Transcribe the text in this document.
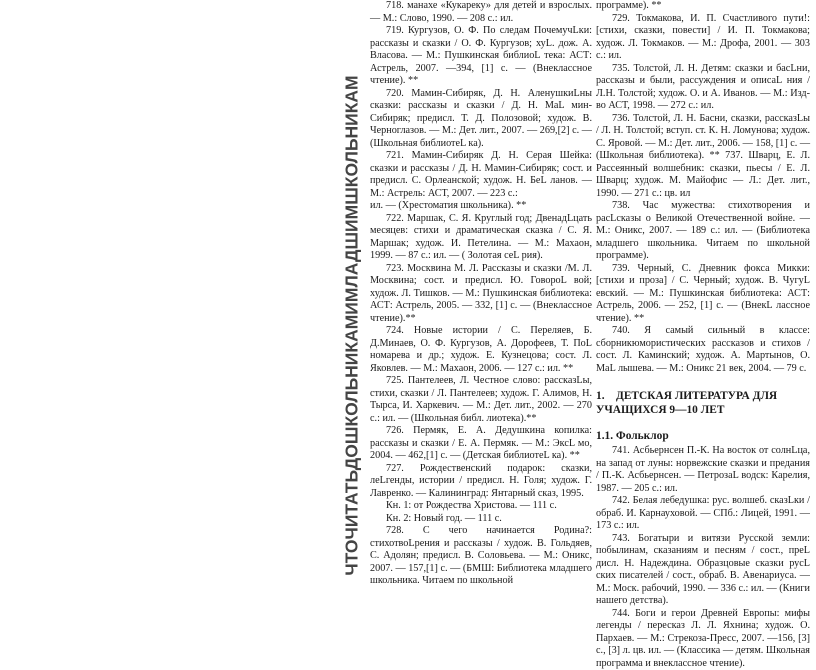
ЧТОЧИТАТЬДОШКОЛЬНИКАМИМЛАДШИМШКОЛЬНИКАМ

718. манахе «Кукареку» для детей и взрослых. — М.: Слово, 1990. — 208 с.: ил.

719. Кургузов, О. Ф. По следам ПочемучLки: рассказы и сказки / О. Ф. Кургузов; хуL. дож. А. Власова. — М.: Пушкинская библиоL тека: АСТ: Астрель, 2007. —394, [1] с. — (Внеклассное чтение). **

720. Мамин-Сибиряк, Д. Н. АленушкиLны сказки: рассказы и сказки / Д. Н. МаL мин-Сибиряк; предисл. Т. Д. Полозовой; худож. В. Черноглазов. — М.: Дет. лит., 2007. — 269,[2] с. — (Школьная библиотеL ка).

721. Мамин-Сибиряк Д. Н. Серая Шейка: сказки и рассказы / Д. Н. Мамин-Сибиряк; сост. и предисл. С. Орлеанской; худож. Н. БеL ланов. — М.: Астрель: АСТ, 2007. — 223 с.:

ил. — (Хрестоматия школьника). **

722. Маршак, С. Я. Круглый год; ДвенадLцать месяцев: стихи и драматическая сказка / С. Я. Маршак; худож. И. Петелина. — М.: Махаон, 1999. — 87 с.: ил. — ( Золотая сеL рия).

723. Москвина М. Л. Рассказы и сказки /М. Л. Москвина; сост. и предисл. Ю. ГовороL вой; худож. Л. Тишков. — М.: Пушкинская библиотека: АСТ: Астрель, 2005. — 332, [1] с. — (Внеклассное чтение).**

724. Новые истории / С. Переляев, Б. Д.Минаев, О. Ф. Кургузов, А. Дорофеев, Т. ПоL номарева и др.; худож. Е. Кузнецова; сост. Л. Яковлев. — М.: Махаон, 2006. — 127 с.: ил. **

725. Пантелеев, Л. Честное слово: рассказLы, стихи, сказки / Л. Пантелеев; худож. Г. Алимов, Н. Тырса, И. Харкевич. — М.: Дет. лит., 2002. — 270 с.: ил. — (Школьная библ. лиотека).**

726. Пермяк, Е. А. Дедушкина копилка: рассказы и сказки / Е. А. Пермяк. — М.: ЭксL мо, 2004. — 462,[1] с. — (Детская библиотеL ка). **

727. Рождественский подарок: сказки, леLгенды, истории / предисл. Н. Голя; худож. Г. Лавренко. — Калининград: Янтарный сказ, 1995.

Кн. 1: от Рождества Христова. — 111 с.

Кн. 2: Новый год. — 111 с.

728. С чего начинается Родина?: стихотвоLрения и рассказы / худож. В. Гольдяев, С. Адолян; предисл. В. Соловьева. — М.: Оникс, 2007. — 157,[1] с. — (БМШ: Библиотека младшего школьника. Читаем по школьной

программе). **

729. Токмакова, И. П. Счастливого пути!: [стихи, сказки, повести] / И. П. Токмакова; худож. Л. Токмаков. — М.: Дрофа, 2001. — 303 с.: ил.

735. Толстой, Л. Н. Детям: сказки и басLни, рассказы и были, рассуждения и описаL ния / Л.Н. Толстой; худож. О. и А. Иванов. — М.: Изд-во АСТ, 1998. — 272 с.: ил.

736. Толстой, Л. Н. Басни, сказки, рассказLы / Л. Н. Толстой; вступ. ст. К. Н. Ломунова; худож. С. Яровой. — М.: Дет. лит., 2006. — 158, [1] с. — (Школьная библиотека). ** 737. Шварц, Е. Л. Рассеянный волшебник: сказки, пьесы / Е. Л. Шварц; худож. М. Майофис — Л.: Дет. лит., 1990. — 271 с.: цв. ил

738. Час мужества: стихотворения и расLсказы о Великой Отечественной войне. — М.: Оникс, 2007. — 189 с.: ил. — (Библиотека младшего школьника. Читаем по школьной программе).

739. Черный, С. Дневник фокса Микки: [стихи и проза] / С. Черный; худож. В. ЧугуL евский. — М.: Пушкинская библиотека: АСТ: Астрель, 2006. — 252, [1] с. — (ВнекL лассное чтение). **

740. Я самый сильный в классе: сборникюмористических рассказов и стихов / сост. Л. Каминский; худож. А. Мартынов, О. МаL лышева. — М.: Оникс 21 век, 2004. — 79 с.

1. ДЕТСКАЯ ЛИТЕРАТУРА ДЛЯ УЧАЩИХСЯ 9—10 ЛЕТ
1.1. Фольклор

741. Асбьернсен П.-К. На восток от солнLца, на запад от луны: норвежские сказки и предания / П.-К. Асбьернсен. — ПетрозаL водск: Карелия, 1987. — 205 с.: ил.

742. Белая лебедушка: рус. волшеб. сказLки / обраб. И. Карнауховой. — СПб.: Лицей, 1991. — 173 с.: ил.

743. Богатыри и витязи Русской земли: побылинам, сказаниям и песням / сост., преL дисл. Н. Надеждина. Образцовые сказки русL ских писателей / сост., обраб. В. Авенариуса. — М.: Моск. рабочий, 1990. — 336 с.: ил. — (Книги нашего детства).

744. Боги и герои Древней Европы: мифы легенды / пересказ Л. Л. Яхнина; худож. О. Пархаев. — М.: Стрекоза-Пресс, 2007. —156, [3] с., [3] л. цв. ил. — (Классика — детям. Школьная программа и внеклассное чтение).
